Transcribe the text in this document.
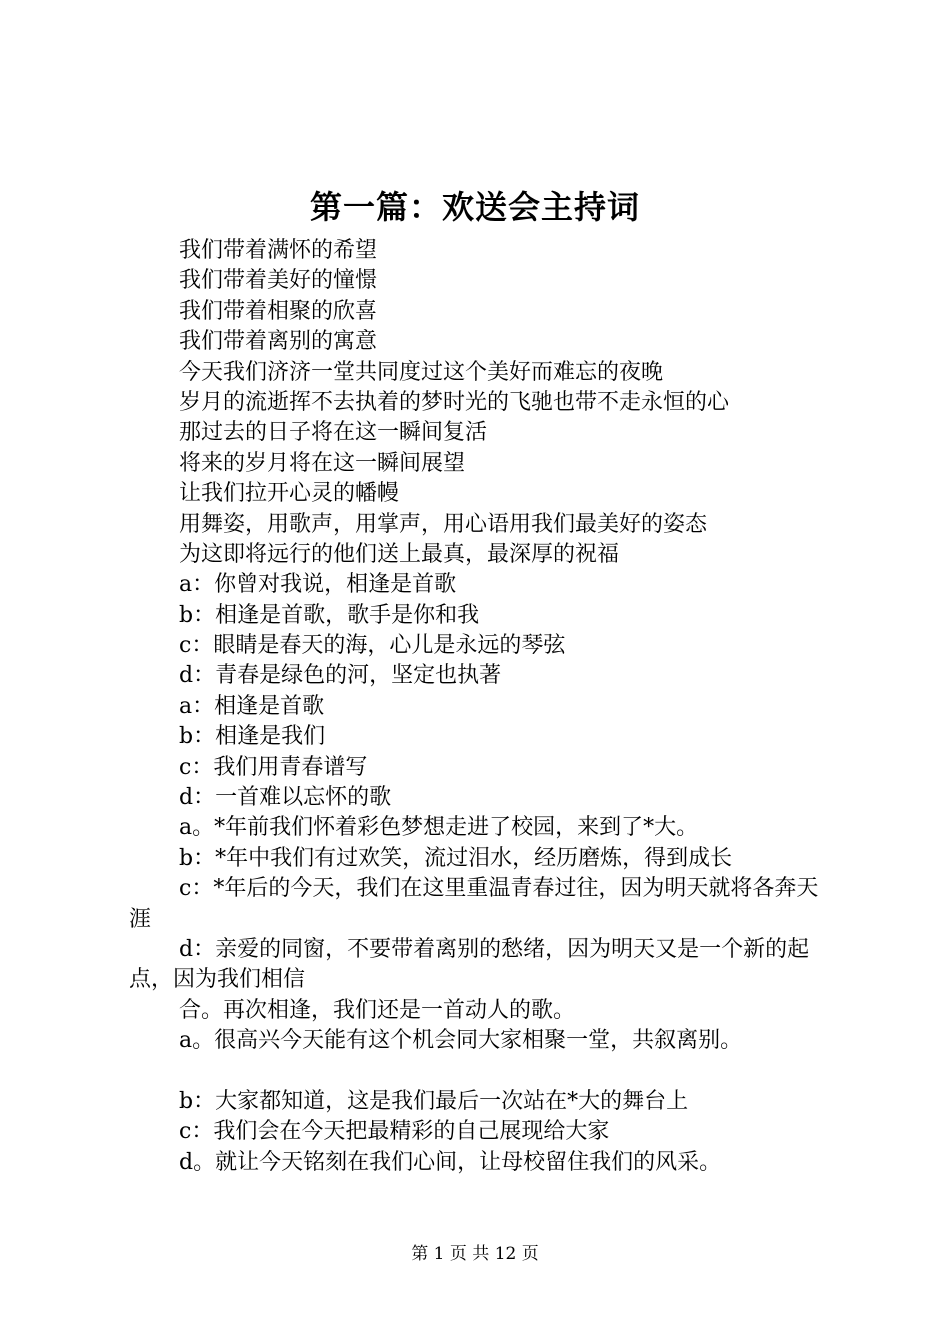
第一篇：欢送会主持词
我们带着满怀的希望
我们带着美好的憧憬
我们带着相聚的欣喜
我们带着离别的寓意
今天我们济济一堂共同度过这个美好而难忘的夜晚
岁月的流逝挥不去执着的梦时光的飞驰也带不走永恒的心
那过去的日子将在这一瞬间复活
将来的岁月将在这一瞬间展望
让我们拉开心灵的幡幔
用舞姿，用歌声，用掌声，用心语用我们最美好的姿态
为这即将远行的他们送上最真，最深厚的祝福
a：你曾对我说，相逢是首歌
b：相逢是首歌，歌手是你和我
c：眼睛是春天的海，心儿是永远的琴弦
d：青春是绿色的河，坚定也执著
a：相逢是首歌
b：相逢是我们
c：我们用青春谱写
d：一首难以忘怀的歌
a。*年前我们怀着彩色梦想走进了校园，来到了*大。
b：*年中我们有过欢笑，流过泪水，经历磨炼，得到成长

c：*年后的今天，我们在这里重温青春过往，因为明天就将各奔天涯

d：亲爱的同窗，不要带着离别的愁绪，因为明天又是一个新的起点，因为我们相信

合。再次相逢，我们还是一首动人的歌。
a。很高兴今天能有这个机会同大家相聚一堂，共叙离别。
b：大家都知道，这是我们最后一次站在*大的舞台上
c：我们会在今天把最精彩的自己展现给大家
d。就让今天铭刻在我们心间，让母校留住我们的风采。
第 1 页 共 12 页
